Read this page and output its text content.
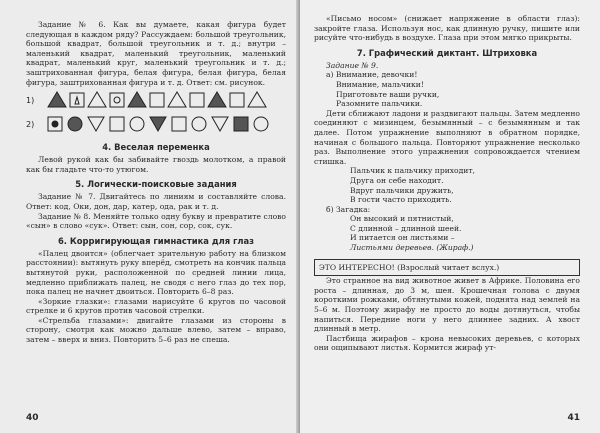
Задание № 6. Как вы думаете, какая фигура будет следующая в каждом ряду? Рассуждаем: большой треугольник, большой квадрат, большой треугольник и т. д.; внутри – маленький квадрат, маленький треугольник, маленький квадрат, маленький круг, маленький треугольник и т. д.; заштрихованная фигура, белая фигура, белая фигура, белая фигура, заштрихованная фигура и т. д. Ответ: см. рисунок.

1)
2)
4. Веселая переменка

Левой рукой как бы забивайте гвоздь молотком, а правой как бы гладьте что-то утюгом.

5. Логически-поисковые задания

Задание № 7. Двигайтесь по линиям и составляйте слова. Ответ: код, Оки, дон, дар, катер, ода, рак и т. д.

Задание № 8. Меняйте только одну букву и превратите слово «сын» в слово «сук». Ответ: сын, сон, сор, сок, сук.

6. Корригирующая гимнастика для глаз

«Палец двоится» (облегчает зрительную работу на близком расстоянии): вытянуть руку вперёд, смотреть на кончик пальца вытянутой руки, расположенной по средней линии лица, медленно приближать палец, не сводя с него глаз до тех пор, пока палец не начнет двоиться. Повторить 6–8 раз.

«Зоркие глазки»: глазами нарисуйте 6 кругов по часовой стрелке и 6 кругов против часовой стрелки.

«Стрельба глазами»: двигайте глазами из стороны в сторону, смотря как можно дальше влево, затем – вправо, затем – вверх и вниз. Повторить 5–6 раз не спеша.

40

«Письмо носом» (снижает напряжение в области глаз): закройте глаза. Используя нос, как длинную ручку, пишите или рисуйте что-нибудь в воздухе. Глаза при этом мягко прикрыты.

7. Графический диктант. Штриховка

Задание № 9.

а) Внимание, девочки!

Внимание, мальчики!

Приготовьте ваши ручки,

Разомните пальчики.

Дети сближают ладони и раздвигают пальцы. Затем медленно соединяют с мизинцем, безымянный – с безымянным и так далее. Потом упражнение выполняют в обратном порядке, начиная с большого пальца. Повторяют упражнение несколько раз. Выполнение этого упражнения сопровождается чтением стишка.

Пальчик к пальчику приходит,

Друга он себе находит.

Вдруг пальчики дружить,

В гости часто приходить.

б) Загадка:

Он высокий и пятнистый,

С длинной – длинной шеей.

И питается он листьями –

Листьями деревьев. (Жираф.)

ЭТО ИНТЕРЕСНО! (Взрослый читает вслух.)

Это странное на вид животное живет в Африке. Половина его роста – длинная, до 3 м, шея. Крошечная голова с двумя короткими рожками, обтянутыми кожей, поднята над землей на 5–6 м. Поэтому жирафу не просто до воды дотянуться, чтобы напиться. Передние ноги у него длиннее задних. А хвост длинный в метр.

Пастбища жирафов – крона невысоких деревьев, с которых они ощипывают листья. Кормится жираф ут-

41
